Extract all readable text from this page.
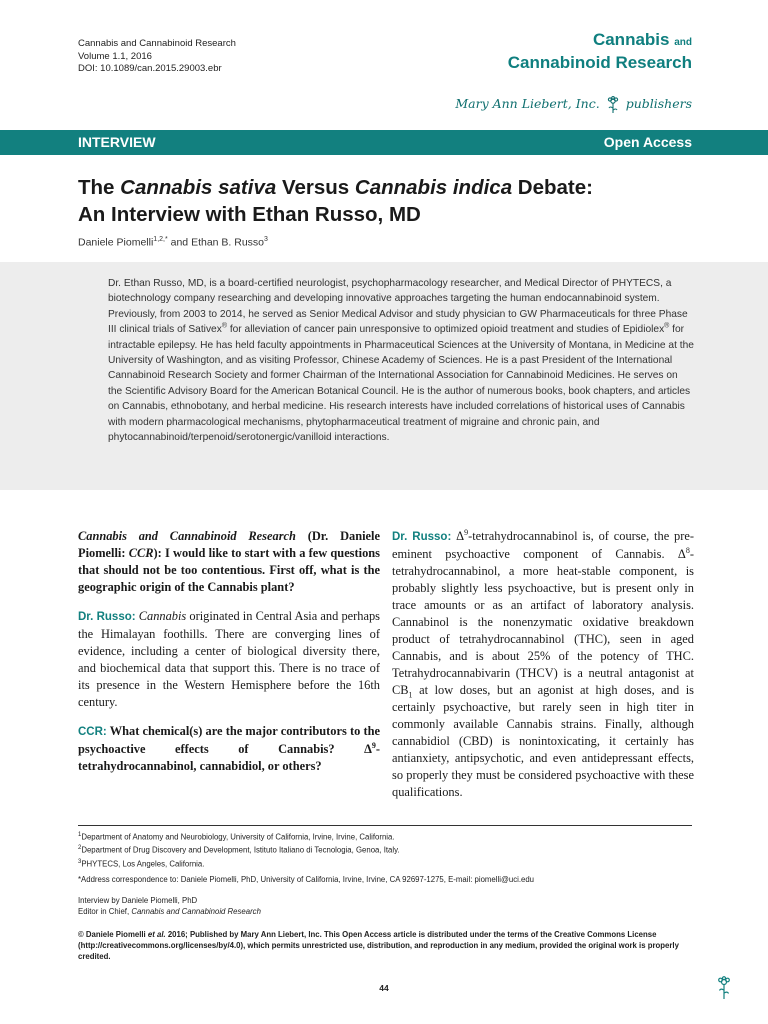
Cannabis and Cannabinoid Research
Volume 1.1, 2016
DOI: 10.1089/can.2015.29003.ebr
Cannabis and
Cannabinoid Research
Mary Ann Liebert, Inc. publishers
INTERVIEW	Open Access
The Cannabis sativa Versus Cannabis indica Debate:
An Interview with Ethan Russo, MD
Daniele Piomelli$^{1,2,*}$ and Ethan B. Russo$^3$

Dr. Ethan Russo, MD, is a board-certified neurologist, psychopharmacology researcher, and Medical Director of PHYTECS, a biotechnology company researching and developing innovative approaches targeting the human endocannabinoid system. Previously, from 2003 to 2014, he served as Senior Medical Advisor and study physician to GW Pharmaceuticals for three Phase III clinical trials of Sativex® for alleviation of cancer pain unresponsive to optimized opioid treatment and studies of Epidiolex® for intractable epilepsy. He has held faculty appointments in Pharmaceutical Sciences at the University of Montana, in Medicine at the University of Washington, and as visiting Professor, Chinese Academy of Sciences. He is a past President of the International Cannabinoid Research Society and former Chairman of the International Association for Cannabinoid Medicines. He serves on the Scientific Advisory Board for the American Botanical Council. He is the author of numerous books, book chapters, and articles on Cannabis, ethnobotany, and herbal medicine. His research interests have included correlations of historical uses of Cannabis with modern pharmacological mechanisms, phytopharmaceutical treatment of migraine and chronic pain, and phytocannabinoid/terpenoid/serotonergic/vanilloid interactions.

Cannabis and Cannabinoid Research (Dr. Daniele Piomelli: CCR): I would like to start with a few questions that should not be too contentious. First off, what is the geographic origin of the Cannabis plant?

Dr. Russo: Cannabis originated in Central Asia and perhaps the Himalayan foothills. There are converging lines of evidence, including a center of biological diversity there, and biochemical data that support this. There is no trace of its presence in the Western Hemisphere before the 16th century.

CCR: What chemical(s) are the major contributors to the psychoactive effects of Cannabis? $\Delta^9$-tetrahydrocannabinol, cannabidiol, or others?

Dr. Russo: $\Delta^9$-tetrahydrocannabinol is, of course, the pre-eminent psychoactive component of Cannabis. $\Delta^8$-tetrahydrocannabinol, a more heat-stable component, is probably slightly less psychoactive, but is present only in trace amounts or as an artifact of laboratory analysis. Cannabinol is the nonenzymatic oxidative breakdown product of tetrahydrocannabinol (THC), seen in aged Cannabis, and is about 25% of the potency of THC. Tetrahydrocannabivarin (THCV) is a neutral antagonist at $CB_1$ at low doses, but an agonist at high doses, and is certainly psychoactive, but rarely seen in high titer in commonly available Cannabis strains. Finally, although cannabidiol (CBD) is nonintoxicating, it certainly has antianxiety, antipsychotic, and even antidepressant effects, so properly they must be considered psychoactive with these qualifications.

$^1$Department of Anatomy and Neurobiology, University of California, Irvine, Irvine, California.
$^2$Department of Drug Discovery and Development, Istituto Italiano di Tecnologia, Genoa, Italy.
$^3$PHYTECS, Los Angeles, California.
*Address correspondence to: Daniele Piomelli, PhD, University of California, Irvine, Irvine, CA 92697-1275, E-mail: piomelli@uci.edu
Interview by Daniele Piomelli, PhD
Editor in Chief, Cannabis and Cannabinoid Research
© Daniele Piomelli et al. 2016; Published by Mary Ann Liebert, Inc. This Open Access article is distributed under the terms of the Creative Commons License (http://creativecommons.org/licenses/by/4.0), which permits unrestricted use, distribution, and reproduction in any medium, provided the original work is properly credited.
44
